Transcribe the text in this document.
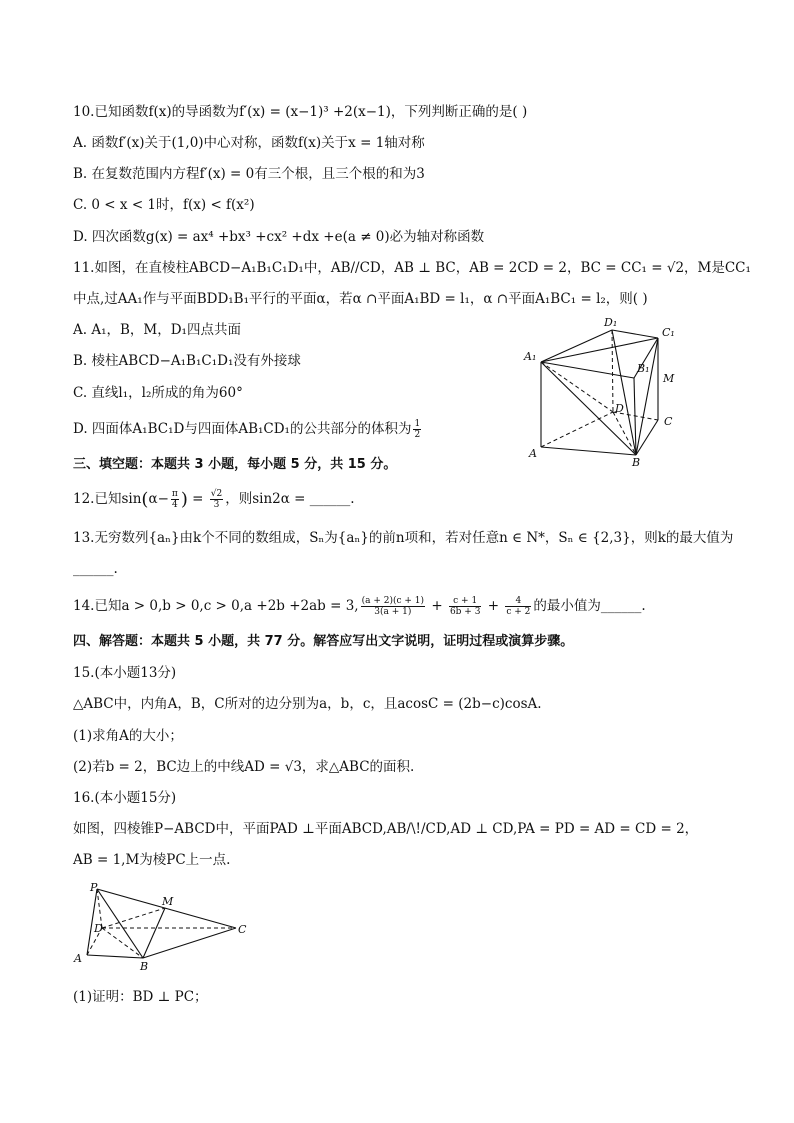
10.已知函数f(x)的导函数为f′(x) = (x−1)³ +2(x−1)，下列判断正确的是( )
A. 函数f′(x)关于(1,0)中心对称，函数f(x)关于x = 1轴对称
B. 在复数范围内方程f′(x) = 0有三个根，且三个根的和为3
C. 0 < x < 1时，f(x) < f(x²)
D. 四次函数g(x) = ax⁴ +bx³ +cx² +dx +e(a ≠ 0)必为轴对称函数
11.如图，在直棱柱ABCD−A₁B₁C₁D₁中，AB//CD，AB ⊥ BC，AB = 2CD = 2，BC = CC₁ = √2，M是CC₁
中点,过AA₁作与平面BDD₁B₁平行的平面α，若α ∩平面A₁BD = l₁，α ∩平面A₁BC₁ = l₂，则( )
A. A₁，B，M，D₁四点共面
B. 棱柱ABCD−A₁B₁C₁D₁没有外接球
C. 直线l₁，l₂所成的角为60°
D. 四面体A₁BC₁D与四面体AB₁CD₁的公共部分的体积为 $\frac{1}{2}$
D₁
C₁
A₁
B₁
M
D
C
A
B
三、填空题：本题共 3 小题，每小题 5 分，共 15 分。
12.已知$\sin(\alpha- \frac{\pi}{4}$ ) = $\frac{√2}{3}$ ，则sin2α = ______.
13.无穷数列{aₙ}由k个不同的数组成，Sₙ为{aₙ}的前n项和，若对任意n ∈ N*，Sₙ ∈ {2,3}，则k的最大值为
______.
14.已知a > 0,b > 0,c > 0,a +2b +2ab = 3, $\frac{(a + 2)(c + 1)}{3(a + 1)} + \frac{c + 1}{6b + 3} + \frac{4}{c + 2}$ 的最小值为______.
四、解答题：本题共 5 小题，共 77 分。解答应写出文字说明，证明过程或演算步骤。
15.(本小题13分)
△ABC中，内角A，B，C所对的边分别为a，b，c，且acosC = (2b−c)cosA.
(1)求角A的大小；
(2)若b = 2，BC边上的中线AD = √3，求△ABC的面积.
16.(本小题15分)
如图，四棱锥P−ABCD中，平面PAD ⊥平面ABCD,AB/\!/CD,AD ⊥ CD,PA = PD = AD = CD = 2，
AB = 1,M为棱PC上一点.
P
M
D	C
A
B
(1)证明：BD ⊥ PC；
